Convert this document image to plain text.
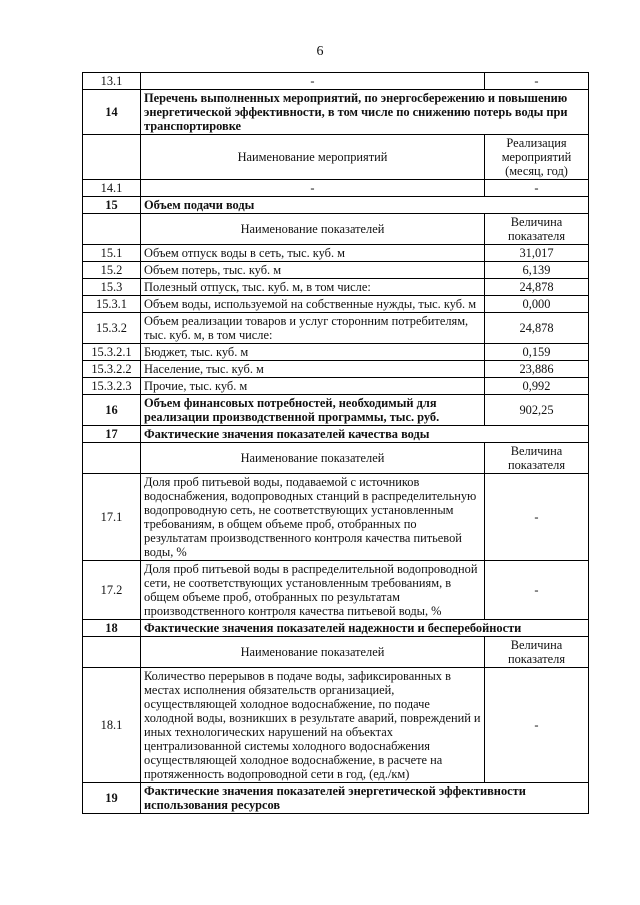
6
13.1	-	-
14	Перечень выполненных мероприятий, по энергосбережению и повышению энергетической эффективности, в том числе по снижению потерь воды при транспортировке	
	Наименование мероприятий	Реализация мероприятий (месяц, год)
14.1	-	-
15	Объем подачи воды	
	Наименование показателей	Величина показателя
15.1	Объем отпуск воды в сеть, тыс. куб. м	31,017
15.2	Объем потерь, тыс. куб. м	6,139
15.3	Полезный отпуск, тыс. куб. м, в том числе:	24,878
15.3.1	Объем воды, используемой на собственные нужды, тыс. куб. м	0,000
15.3.2	Объем реализации товаров и услуг сторонним потребителям, тыс. куб. м, в том числе:	24,878
15.3.2.1	Бюджет, тыс. куб. м	0,159
15.3.2.2	Население, тыс. куб. м	23,886
15.3.2.3	Прочие, тыс. куб. м	0,992
16	Объем финансовых потребностей, необходимый для реализации производственной программы, тыс. руб.	902,25
17	Фактические значения показателей качества воды	
	Наименование показателей	Величина показателя
17.1	Доля проб питьевой воды, подаваемой с источников водоснабжения, водопроводных станций в распределительную водопроводную сеть, не соответствующих установленным требованиям, в общем объеме проб, отобранных по результатам производственного контроля качества питьевой воды, %	-
17.2	Доля проб питьевой воды в распределительной водопроводной сети, не соответствующих установленным требованиям, в общем объеме проб, отобранных по результатам производственного контроля качества питьевой воды, %	-
18	Фактические значения показателей надежности и бесперебойности	
	Наименование показателей	Величина показателя
18.1	Количество перерывов в подаче воды, зафиксированных в местах исполнения обязательств организацией, осуществляющей холодное водоснабжение, по подаче холодной воды, возникших в результате аварий, повреждений и иных технологических нарушений на объектах централизованной системы холодного водоснабжения осуществляющей холодное водоснабжение, в расчете на протяженность водопроводной сети в год, (ед./км)	-
19	Фактические значения показателей энергетической эффективности использования ресурсов	
